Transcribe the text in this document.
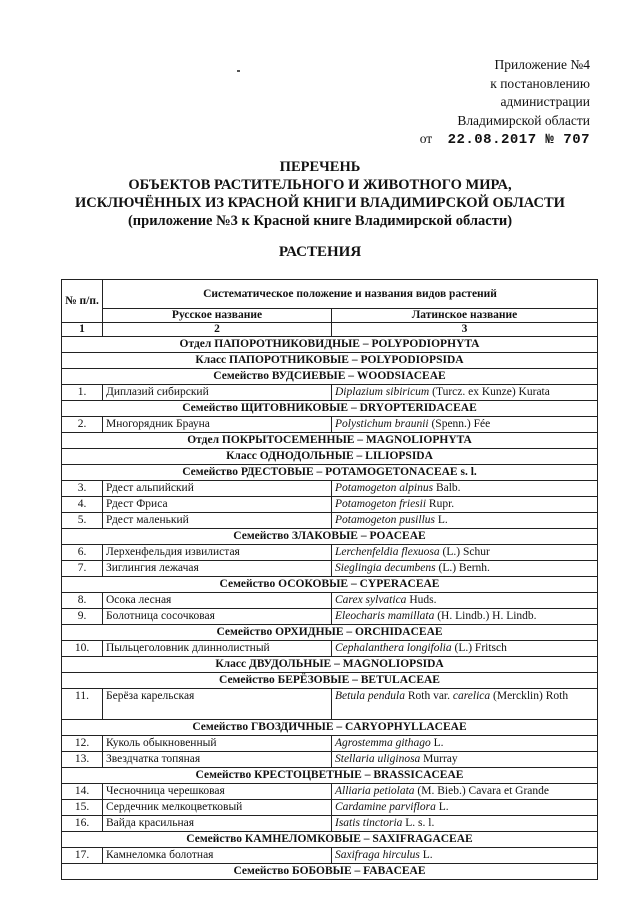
Приложение №4
к постановлению
администрации
Владимирской области
от 22.08.2017 № 707
ПЕРЕЧЕНЬ
ОБЪЕКТОВ РАСТИТЕЛЬНОГО И ЖИВОТНОГО МИРА,
ИСКЛЮЧЁННЫХ ИЗ КРАСНОЙ КНИГИ ВЛАДИМИРСКОЙ ОБЛАСТИ
(приложение №3 к Красной книге Владимирской области)
РАСТЕНИЯ
№ п/п.	Систематическое положение и названия видов растений	
	Русское название	Латинское название
1	2	3
Отдел ПАПОРОТНИКОВИДНЫЕ – POLYPODIOPHYTA		
Класс ПАПОРОТНИКОВЫЕ – POLYPODIOPSIDA		
Семейство ВУДСИЕВЫЕ – WOODSIACEAE		
1.	Диплазий сибирский	Diplazium sibiricum (Turcz. ex Kunze) Kurata
Семейство ЩИТОВНИКОВЫЕ – DRYOPTERIDACEAE		
2.	Многорядник Брауна	Polystichum braunii (Spenn.) Fée
Отдел ПОКРЫТОСЕМЕННЫЕ – MAGNOLIOPHYTA		
Класс ОДНОДОЛЬНЫЕ – LILIOPSIDA		
Семейство РДЕСТОВЫЕ – POTAMOGETONACEAE s. l.		
3.	Рдест альпийский	Potamogeton alpinus Balb.
4.	Рдест Фриса	Potamogeton friesii Rupr.
5.	Рдест маленький	Potamogeton pusillus L.
Семейство ЗЛАКОВЫЕ – POACEAE		
6.	Лерхенфельдия извилистая	Lerchenfeldia flexuosa (L.) Schur
7.	Зиглингия лежачая	Sieglingia decumbens (L.) Bernh.
Семейство ОСОКОВЫЕ – CYPERACEAE		
8.	Осока лесная	Carex sylvatica Huds.
9.	Болотница сосочковая	Eleocharis mamillata (H. Lindb.) H. Lindb.
Семейство ОРХИДНЫЕ – ORCHIDACEAE		
10.	Пыльцеголовник длиннолистный	Cephalanthera longifolia (L.) Fritsch
Класс ДВУДОЛЬНЫЕ – MAGNOLIOPSIDA		
Семейство БЕРЁЗОВЫЕ – BETULACEAE		
11.	Берёза карельская	Betula pendula Roth var. carelica (Mercklin) Roth
Семейство ГВОЗДИЧНЫЕ – CARYOPHYLLACEAE		
12.	Куколь обыкновенный	Agrostemma githago L.
13.	Звездчатка топяная	Stellaria uliginosa Murray
Семейство КРЕСТОЦВЕТНЫЕ – BRASSICACEAE		
14.	Чесночница черешковая	Alliaria petiolata (M. Bieb.) Cavara et Grande
15.	Сердечник мелкоцветковый	Cardamine parviflora L.
16.	Вайда красильная	Isatis tinctoria L. s. l.
Семейство КАМНЕЛОМКОВЫЕ – SAXIFRAGACEAE		
17.	Камнеломка болотная	Saxifraga hirculus L.
Семейство БОБОВЫЕ – FABACEAE		
